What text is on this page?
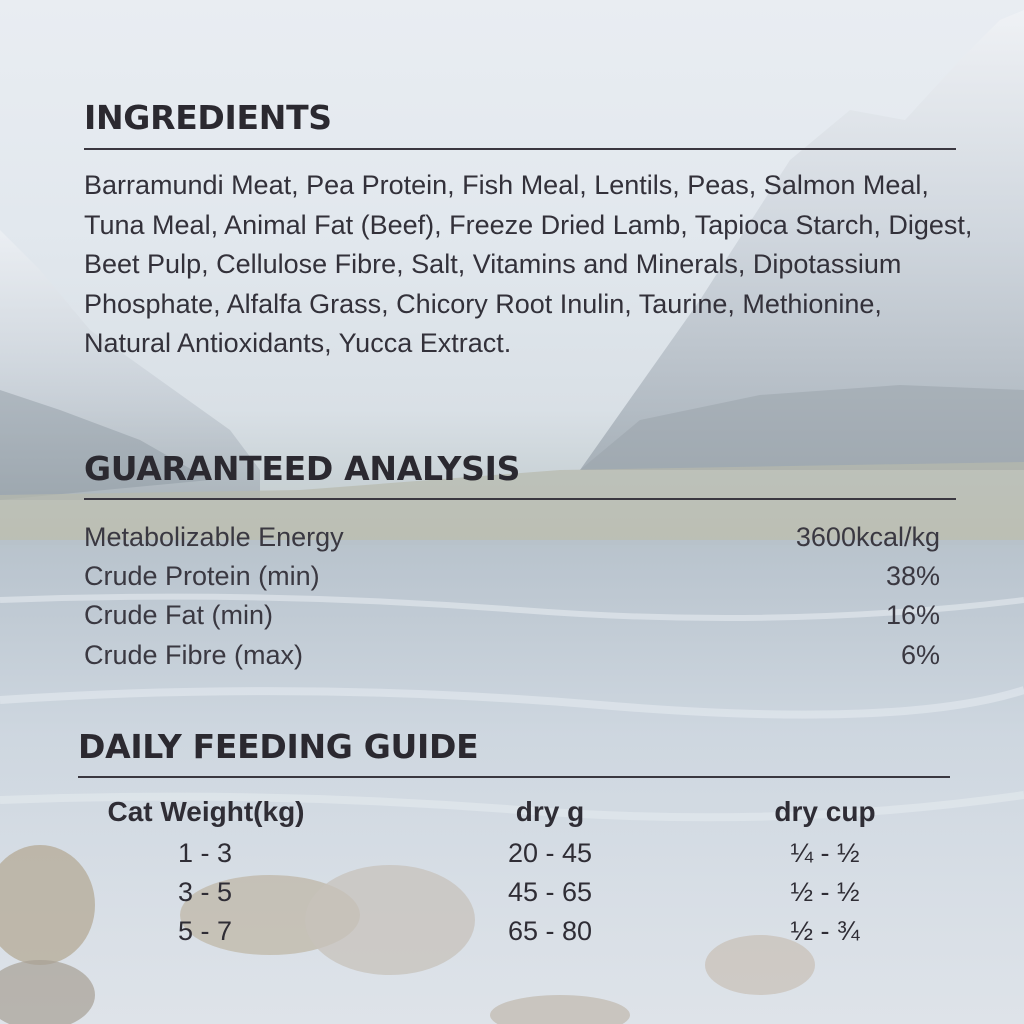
INGREDIENTS

Barramundi Meat, Pea Protein, Fish Meal, Lentils, Peas, Salmon Meal, Tuna Meal, Animal Fat (Beef), Freeze Dried Lamb, Tapioca Starch, Digest, Beet Pulp, Cellulose Fibre, Salt, Vitamins and Minerals, Dipotassium Phosphate, Alfalfa Grass, Chicory Root Inulin, Taurine, Methionine, Natural Antioxidants, Yucca Extract.

GUARANTEED ANALYSIS
Metabolizable Energy	3600kcal/kg
Crude Protein (min)	38%
Crude Fat (min)	16%
Crude Fibre (max)	6%
DAILY FEEDING GUIDE
Cat Weight(kg)	dry g	dry cup
1 - 3	20 - 45	¼ - ½
3 - 5	45 - 65	½ - ½
5 - 7	65 - 80	½ - ¾
